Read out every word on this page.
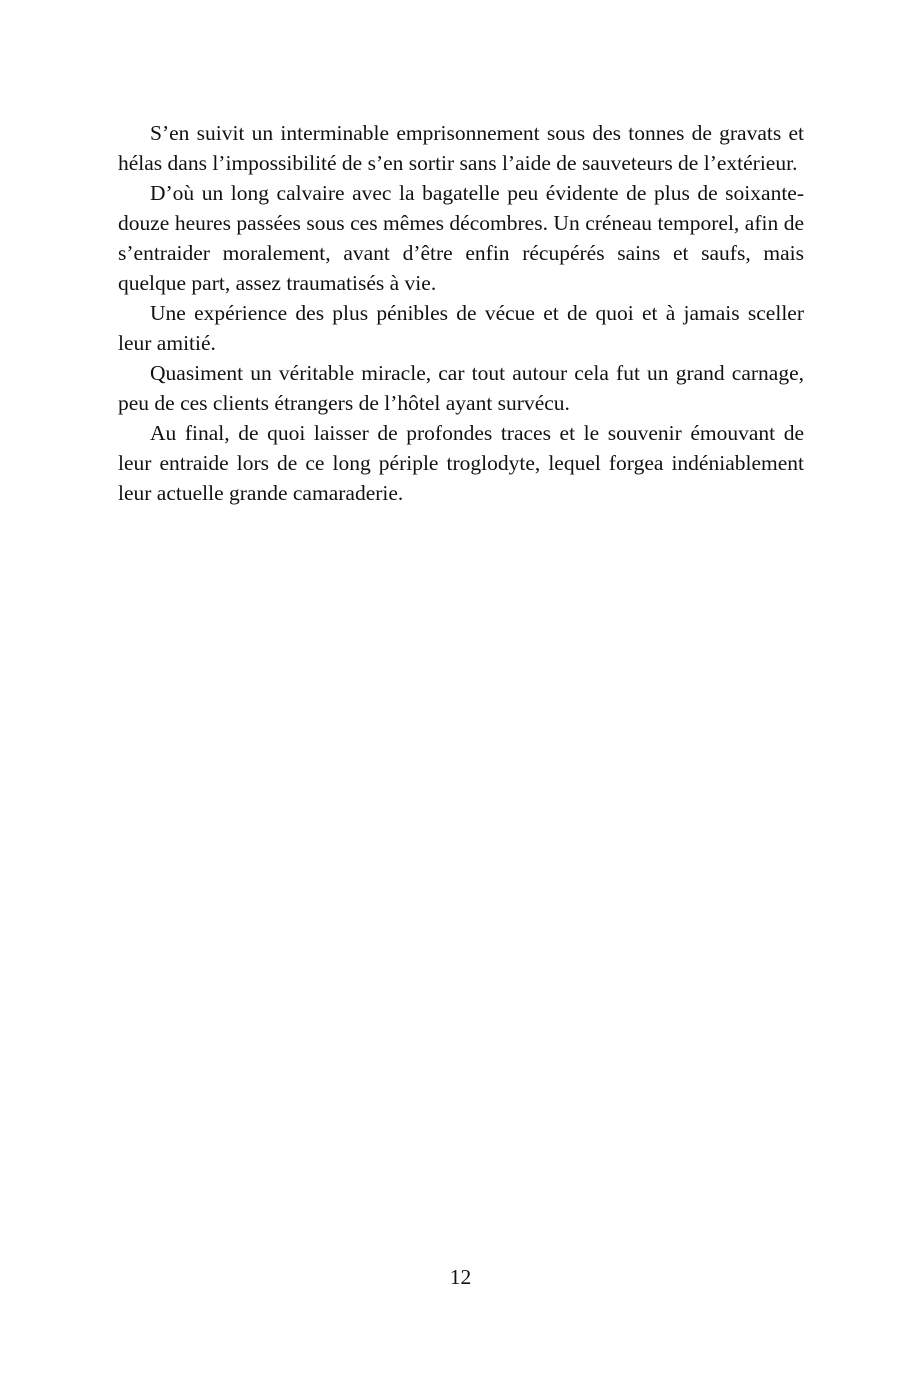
S’en suivit un interminable emprisonnement sous des tonnes de gravats et hélas dans l’impossibilité de s’en sortir sans l’aide de sauveteurs de l’extérieur.

D’où un long calvaire avec la bagatelle peu évidente de plus de soixante-douze heures passées sous ces mêmes décombres. Un créneau temporel, afin de s’entraider moralement, avant d’être enfin récupérés sains et saufs, mais quelque part, assez traumatisés à vie.

Une expérience des plus pénibles de vécue et de quoi et à jamais sceller leur amitié.

Quasiment un véritable miracle, car tout autour cela fut un grand carnage, peu de ces clients étrangers de l’hôtel ayant survécu.

Au final, de quoi laisser de profondes traces et le souvenir émouvant de leur entraide lors de ce long périple troglodyte, lequel forgea indéniablement leur actuelle grande camaraderie.

12
